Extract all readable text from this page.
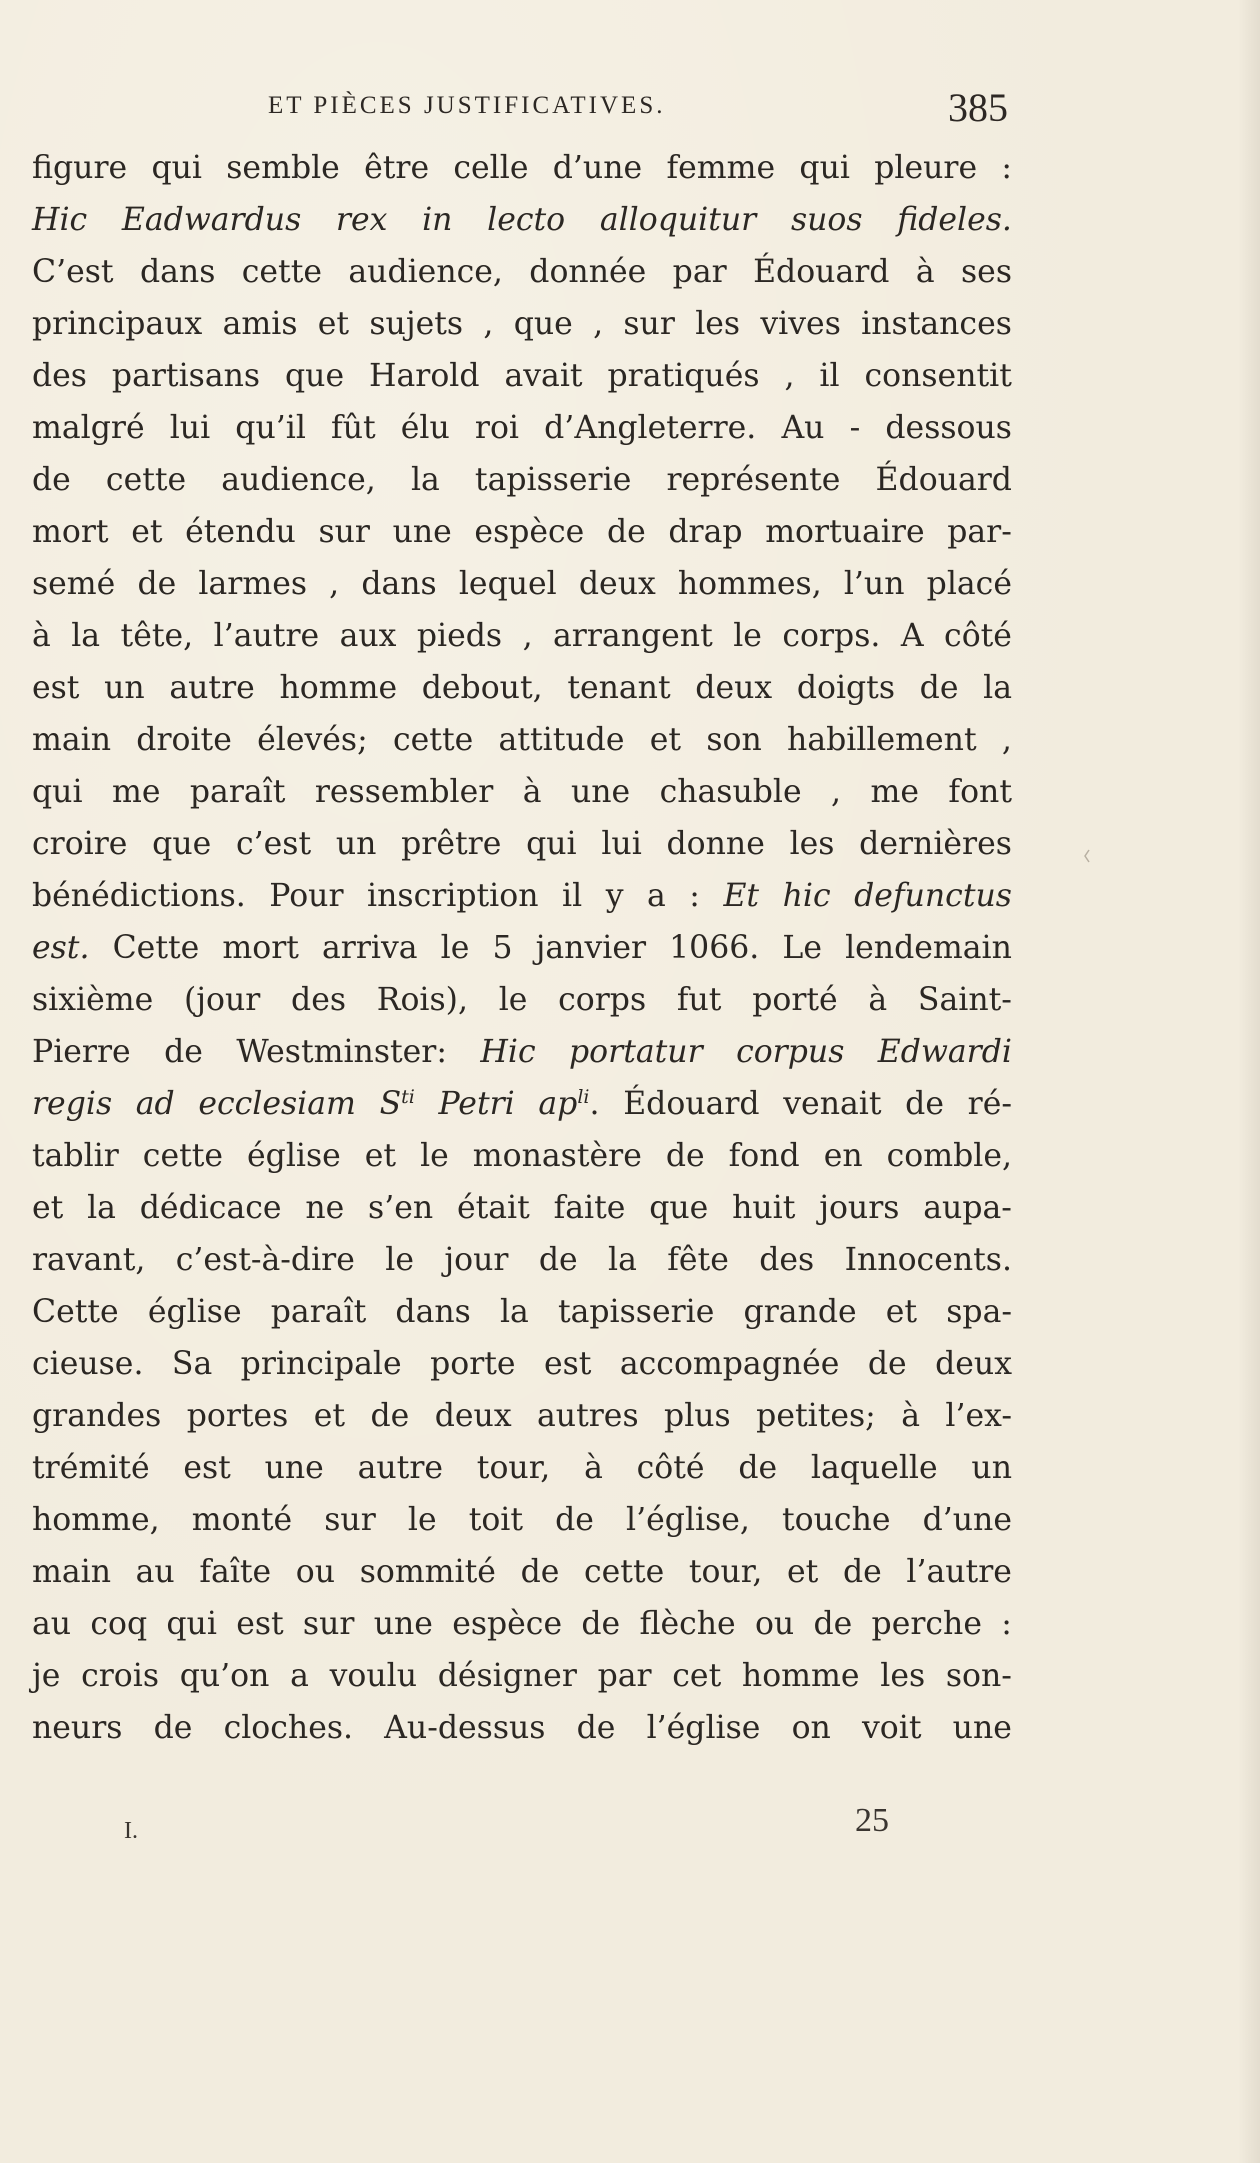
ET PIÈCES JUSTIFICATIVES.	385
figure qui semble être celle d’une femme qui pleure :
Hic Eadwardus rex in lecto alloquitur suos fideles.
C’est dans cette audience, donnée par Édouard à ses
principaux amis et sujets , que , sur les vives instances
des partisans que Harold avait pratiqués , il consentit
malgré lui qu’il fût élu roi d’Angleterre. Au - dessous
de cette audience, la tapisserie représente Édouard
mort et étendu sur une espèce de drap mortuaire par-
semé de larmes , dans lequel deux hommes, l’un placé
à la tête, l’autre aux pieds , arrangent le corps. A côté
est un autre homme debout, tenant deux doigts de la
main droite élevés; cette attitude et son habillement ,
qui me paraît ressembler à une chasuble , me font
croire que c’est un prêtre qui lui donne les dernières
bénédictions. Pour inscription il y a : Et hic defunctus
est. Cette mort arriva le 5 janvier 1066. Le lendemain
sixième (jour des Rois), le corps fut porté à Saint-
Pierre de Westminster: Hic portatur corpus Edwardi
regis ad ecclesiam $S^{ti}$ Petri $ap^{li}$. Édouard venait de ré-
tablir cette église et le monastère de fond en comble,
et la dédicace ne s’en était faite que huit jours aupa-
ravant, c’est-à-dire le jour de la fête des Innocents.
Cette église paraît dans la tapisserie grande et spa-
cieuse. Sa principale porte est accompagnée de deux
grandes portes et de deux autres plus petites; à l’ex-
trémité est une autre tour, à côté de laquelle un
homme, monté sur le toit de l’église, touche d’une
main au faîte ou sommité de cette tour, et de l’autre
au coq qui est sur une espèce de flèche ou de perche :
je crois qu’on a voulu désigner par cet homme les son-
neurs de cloches. Au-dessus de l’église on voit une
I.	25
